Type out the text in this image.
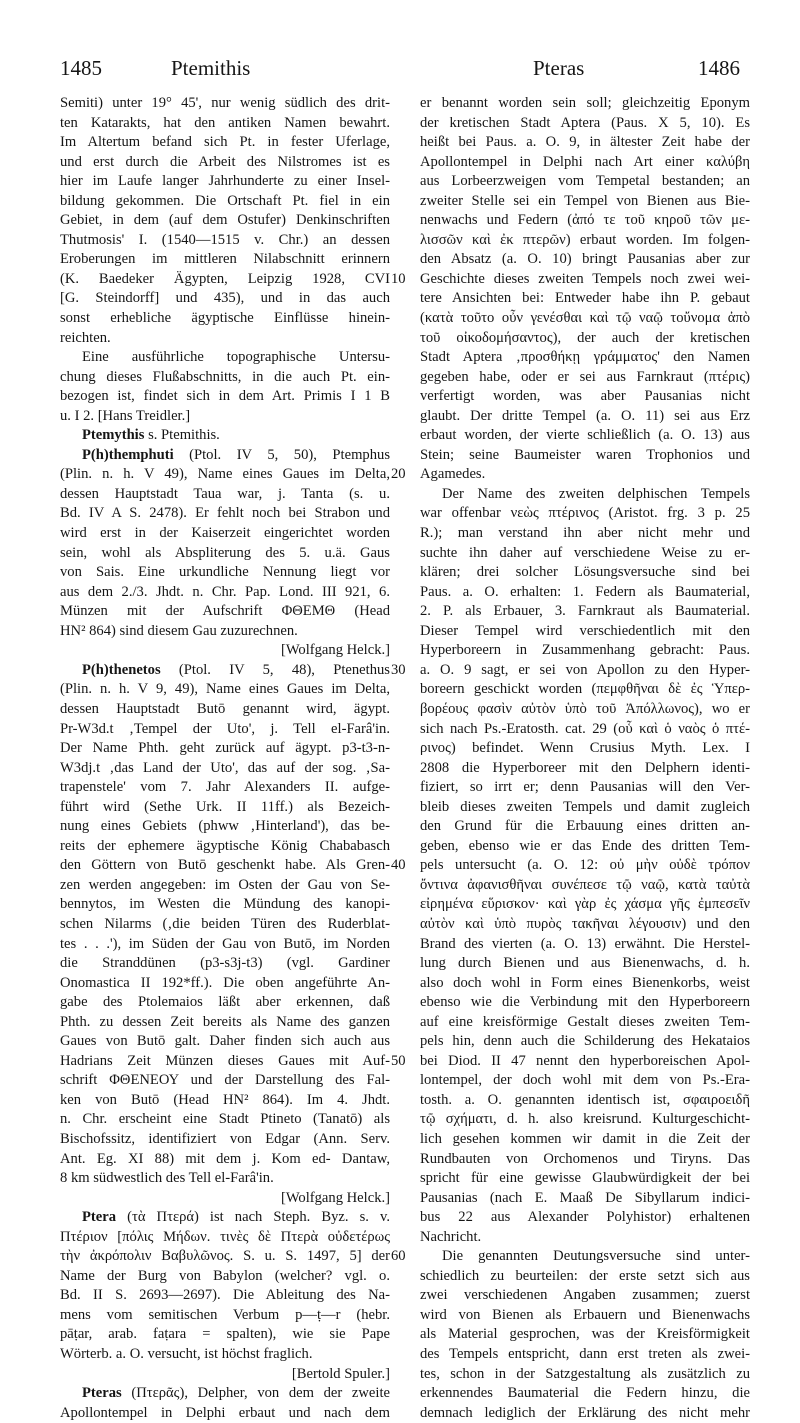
1485	Ptemithis	Pteras	1486
Semiti) unter 19° 45', nur wenig südlich des drit-
ten Katarakts, hat den antiken Namen bewahrt.
Im Altertum befand sich Pt. in fester Uferlage,
und erst durch die Arbeit des Nilstromes ist es
hier im Laufe langer Jahrhunderte zu einer Insel-
bildung gekommen. Die Ortschaft Pt. fiel in ein
Gebiet, in dem (auf dem Ostufer) Denkinschriften
Thutmosis' I. (1540—1515 v. Chr.) an dessen
Eroberungen im mittleren Nilabschnitt erinnern
(K. Baedeker Ägypten, Leipzig 1928, CVI
[G. Steindorff] und 435), und in das auch
sonst erhebliche ägyptische Einflüsse hinein-
reichten.
Eine ausführliche topographische Untersu-
chung dieses Flußabschnitts, in die auch Pt. ein-
bezogen ist, findet sich in dem Art. Primis I 1 B
u. I 2. [Hans Treidler.]
Ptemythis s. Ptemithis.
P(h)themphuti (Ptol. IV 5, 50), Ptemphus
(Plin. n. h. V 49), Name eines Gaues im Delta,
dessen Hauptstadt Taua war, j. Tanta (s. u.
Bd. IV A S. 2478). Er fehlt noch bei Strabon und
wird erst in der Kaiserzeit eingerichtet worden
sein, wohl als Abspliterung des 5. u.ä. Gaus
von Sais. Eine urkundliche Nennung liegt vor
aus dem 2./3. Jhdt. n. Chr. Pap. Lond. III 921, 6.
Münzen mit der Aufschrift ΦΘΕΜΘ (Head
HN² 864) sind diesem Gau zuzurechnen.
[Wolfgang Helck.]
P(h)thenetos (Ptol. IV 5, 48), Ptenethus
(Plin. n. h. V 9, 49), Name eines Gaues im Delta,
dessen Hauptstadt Butō genannt wird, ägypt.
Pr-W3d.t ‚Tempel der Uto', j. Tell el-Farâ'in.
Der Name Phth. geht zurück auf ägypt. p3-t3-n-
W3dj.t ‚das Land der Uto', das auf der sog. ‚Sa-
trapenstele' vom 7. Jahr Alexanders II. aufge-
führt wird (Sethe Urk. II 11ff.) als Bezeich-
nung eines Gebiets (phww ‚Hinterland'), das be-
reits der ephemere ägyptische König Chababasch
den Göttern von Butō geschenkt habe. Als Gren-
zen werden angegeben: im Osten der Gau von Se-
bennytos, im Westen die Mündung des kanopi-
schen Nilarms (‚die beiden Türen des Ruderblat-
tes . . .'), im Süden der Gau von Butō, im Norden
die Stranddünen (p3-s3j-t3) (vgl. Gardiner
Onomastica II 192*ff.). Die oben angeführte An-
gabe des Ptolemaios läßt aber erkennen, daß
Phth. zu dessen Zeit bereits als Name des ganzen
Gaues von Butō galt. Daher finden sich auch aus
Hadrians Zeit Münzen dieses Gaues mit Auf-
schrift ΦΘΕΝΕΟΥ und der Darstellung des Fal-
ken von Butō (Head HN² 864). Im 4. Jhdt.
n. Chr. erscheint eine Stadt Ptineto (Tanatō) als
Bischofssitz, identifiziert von Edgar (Ann. Serv.
Ant. Eg. XI 88) mit dem j. Kom ed- Dantaw,
8 km südwestlich des Tell el-Farâ'in.
[Wolfgang Helck.]
Ptera (τὰ Πτερά) ist nach Steph. Byz. s. v.
Πτέριον [πόλις Μήδων. τινὲς δὲ Πτερὰ οὐδετέρως
τὴν ἀκρόπολιν Βαβυλῶνος. S. u. S. 1497, 5] der
Name der Burg von Babylon (welcher? vgl. o.
Bd. II S. 2693—2697). Die Ableitung des Na-
mens vom semitischen Verbum p—ṭ—r (hebr.
pāṭar, arab. faṭara = spalten), wie sie Pape
Wörterb. a. O. versucht, ist höchst fraglich.
[Bertold Spuler.]
Pteras (Πτερᾶς), Delpher, von dem der zweite
Apollontempel in Delphi erbaut und nach dem
10
20
30
40
50
60
er benannt worden sein soll; gleichzeitig Eponym
der kretischen Stadt Aptera (Paus. X 5, 10). Es
heißt bei Paus. a. O. 9, in ältester Zeit habe der
Apollontempel in Delphi nach Art einer καλύβη
aus Lorbeerzweigen vom Tempetal bestanden; an
zweiter Stelle sei ein Tempel von Bienen aus Bie-
nenwachs und Federn (ἀπό τε τοῦ κηροῦ τῶν με-
λισσῶν καὶ ἐκ πτερῶν) erbaut worden. Im folgen-
den Absatz (a. O. 10) bringt Pausanias aber zur
Geschichte dieses zweiten Tempels noch zwei wei-
tere Ansichten bei: Entweder habe ihn P. gebaut
(κατὰ τοῦτο οὖν γενέσθαι καὶ τῷ ναῷ τοὔνομα ἀπὸ
τοῦ οἰκοδομήσαντος), der auch der kretischen
Stadt Aptera ‚προσθήκῃ γράμματος' den Namen
gegeben habe, oder er sei aus Farnkraut (πτέρις)
verfertigt worden, was aber Pausanias nicht
glaubt. Der dritte Tempel (a. O. 11) sei aus Erz
erbaut worden, der vierte schließlich (a. O. 13) aus
Stein; seine Baumeister waren Trophonios und
Agamedes.
Der Name des zweiten delphischen Tempels
war offenbar νεὼς πτέρινος (Aristot. frg. 3 p. 25
R.); man verstand ihn aber nicht mehr und
suchte ihn daher auf verschiedene Weise zu er-
klären; drei solcher Lösungsversuche sind bei
Paus. a. O. erhalten: 1. Federn als Baumaterial,
2. P. als Erbauer, 3. Farnkraut als Baumaterial.
Dieser Tempel wird verschiedentlich mit den
Hyperboreern in Zusammenhang gebracht: Paus.
a. O. 9 sagt, er sei von Apollon zu den Hyper-
boreern geschickt worden (πεμφθῆναι δὲ ἐς Ὑπερ-
βορέους φασὶν αὐτὸν ὑπὸ τοῦ Ἀπόλλωνος), wo er
sich nach Ps.-Eratosth. cat. 29 (οὗ καὶ ὁ ναὸς ὁ πτέ-
ρινος) befindet. Wenn Crusius Myth. Lex. I
2808 die Hyperboreer mit den Delphern identi-
fiziert, so irrt er; denn Pausanias will den Ver-
bleib dieses zweiten Tempels und damit zugleich
den Grund für die Erbauung eines dritten an-
geben, ebenso wie er das Ende des dritten Tem-
pels untersucht (a. O. 12: οὐ μὴν οὐδὲ τρόπον
ὄντινα ἀφανισθῆναι συνέπεσε τῷ ναῷ, κατὰ ταὐτὰ
εἰρημένα εὕρισκον· καὶ γὰρ ἐς χάσμα γῆς ἐμπεσεῖν
αὐτὸν καὶ ὑπὸ πυρὸς τακῆναι λέγουσιν) und den
Brand des vierten (a. O. 13) erwähnt. Die Herstel-
lung durch Bienen und aus Bienenwachs, d. h.
also doch wohl in Form eines Bienenkorbs, weist
ebenso wie die Verbindung mit den Hyperboreern
auf eine kreisförmige Gestalt dieses zweiten Tem-
pels hin, denn auch die Schilderung des Hekataios
bei Diod. II 47 nennt den hyperboreischen Apol-
lontempel, der doch wohl mit dem von Ps.-Era-
tosth. a. O. genannten identisch ist, σφαιροειδῆ
τῷ σχήματι, d. h. also kreisrund. Kulturgeschicht-
lich gesehen kommen wir damit in die Zeit der
Rundbauten von Orchomenos und Tiryns. Das
spricht für eine gewisse Glaubwürdigkeit der bei
Pausanias (nach E. Maaß De Sibyllarum indici-
bus 22 aus Alexander Polyhistor) erhaltenen
Nachricht.
Die genannten Deutungsversuche sind unter-
schiedlich zu beurteilen: der erste setzt sich aus
zwei verschiedenen Angaben zusammen; zuerst
wird von Bienen als Erbauern und Bienenwachs
als Material gesprochen, was der Kreisförmigkeit
des Tempels entspricht, dann erst treten als zwei-
tes, schon in der Satzgestaltung als zusätzlich zu
erkennendes Baumaterial die Federn hinzu, die
demnach lediglich der Erklärung des nicht mehr
